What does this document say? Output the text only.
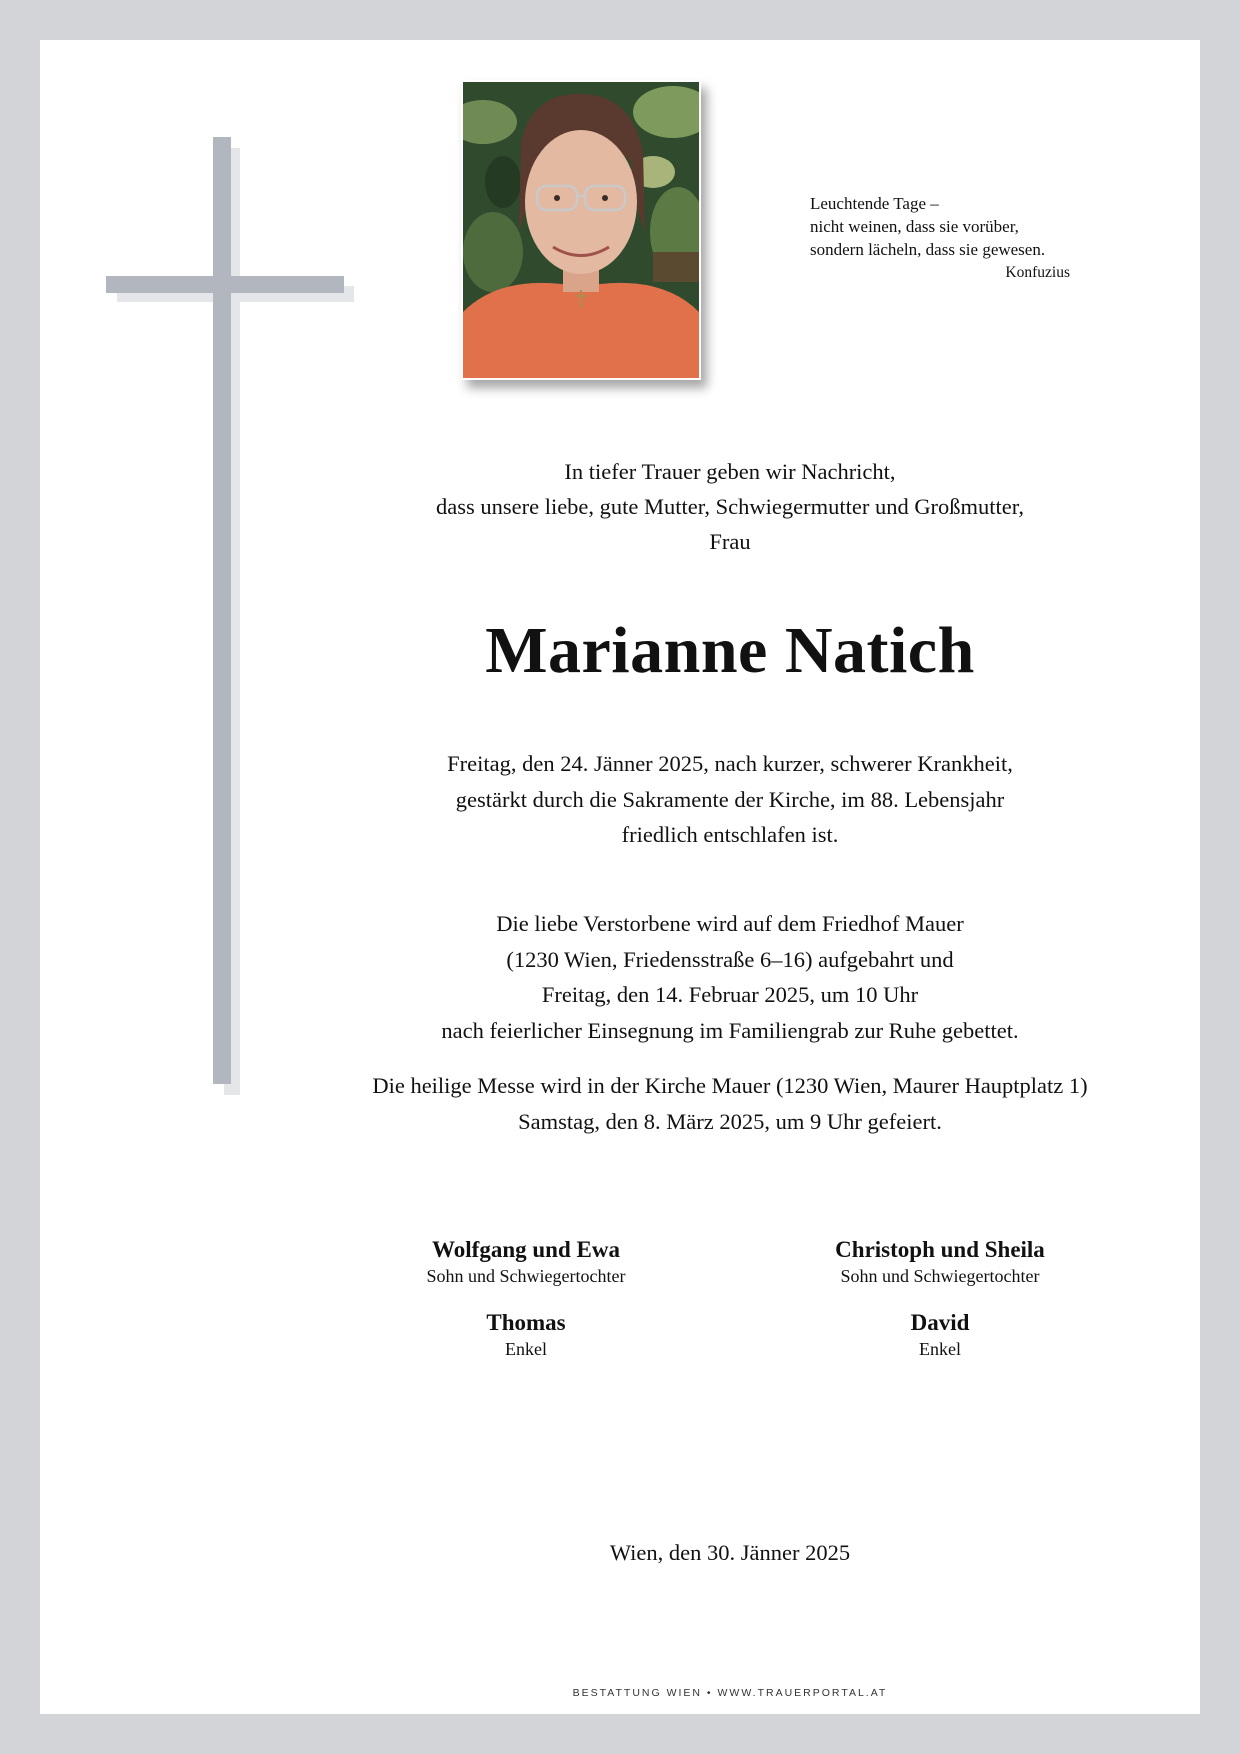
Leuchtende Tage –
nicht weinen, dass sie vorüber,
sondern lächeln, dass sie gewesen.
Konfuzius
In tiefer Trauer geben wir Nachricht,
dass unsere liebe, gute Mutter, Schwiegermutter und Großmutter,
Frau
Marianne Natich
Freitag, den 24. Jänner 2025, nach kurzer, schwerer Krankheit,
gestärkt durch die Sakramente der Kirche, im 88. Lebensjahr
friedlich entschlafen ist.
Die liebe Verstorbene wird auf dem Friedhof Mauer
(1230 Wien, Friedensstraße 6–16) aufgebahrt und
Freitag, den 14. Februar 2025, um 10 Uhr
nach feierlicher Einsegnung im Familiengrab zur Ruhe gebettet.
Die heilige Messe wird in der Kirche Mauer (1230 Wien, Maurer Hauptplatz 1)
Samstag, den 8. März 2025, um 9 Uhr gefeiert.
Wolfgang und Ewa
Sohn und Schwiegertochter
Christoph und Sheila
Sohn und Schwiegertochter
Thomas
Enkel
David
Enkel
Wien, den 30. Jänner 2025
BESTATTUNG WIEN • WWW.TRAUERPORTAL.AT
